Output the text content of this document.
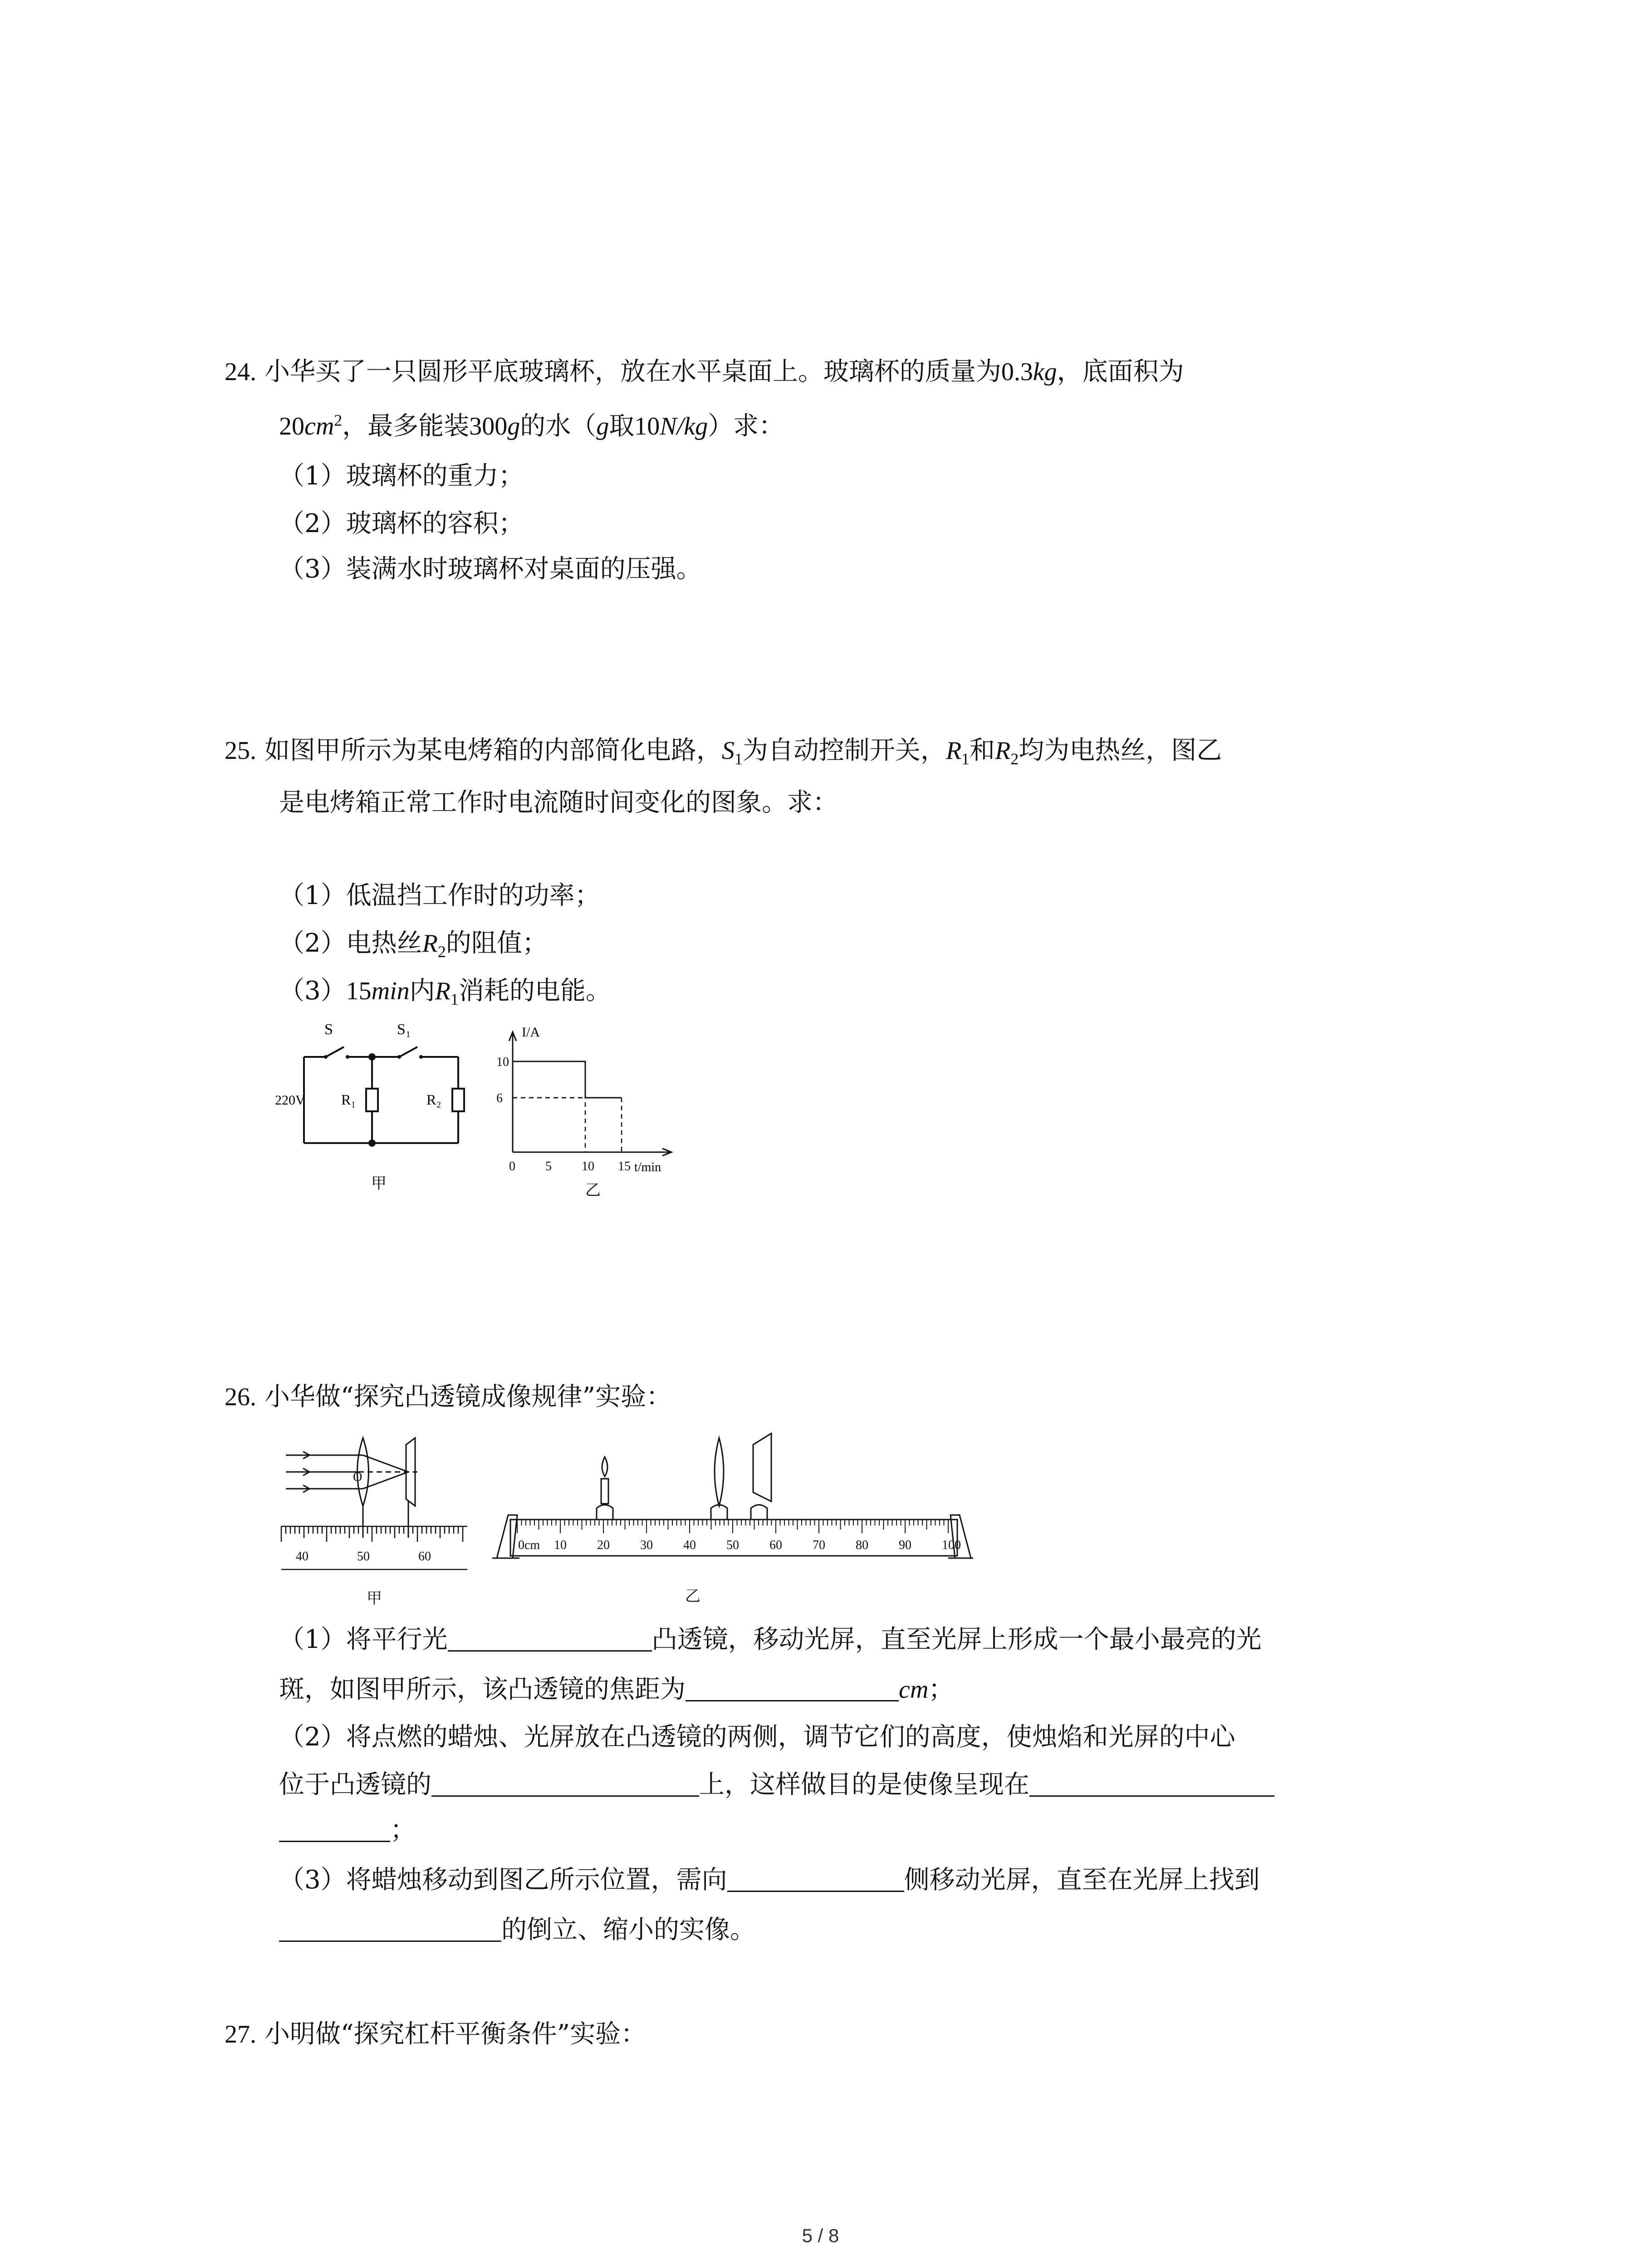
24. 小华买了一只圆形平底玻璃杯，放在水平桌面上。玻璃杯的质量为0.3kg，底面积为
$20cm^2$，最多能装300g的水（g取10N/kg）求：
（1）玻璃杯的重力；
（2）玻璃杯的容积；
（3）装满水时玻璃杯对桌面的压强。
25. 如图甲所示为某电烤箱的内部简化电路，$S_1$为自动控制开关，$R_1$和$R_2$均为电热丝，图乙
是电烤箱正常工作时电流随时间变化的图象。求：
（1）低温挡工作时的功率；
（2）电热丝$R_2$的阻值；
（3）15min内$R_1$消耗的电能。
S	S₁
220V R₁	R₂
甲
0 5 10 15
6
10
I/A
t/min
乙
26. 小华做“探究凸透镜成像规律”实验：
O
40	50	60
甲
0cm 10 20 30 40 50 60 70 80 90 100
乙
（1）将平行光	凸透镜，移动光屏，直至光屏上形成一个最小最亮的光
斑，如图甲所示，该凸透镜的焦距为	cm；
（2）将点燃的蜡烛、光屏放在凸透镜的两侧，调节它们的高度，使烛焰和光屏的中心
位于凸透镜的	上，这样做目的是使像呈现在
；
（3）将蜡烛移动到图乙所示位置，需向	侧移动光屏，直至在光屏上找到
的倒立、缩小的实像。
27. 小明做“探究杠杆平衡条件”实验：
5 / 8
